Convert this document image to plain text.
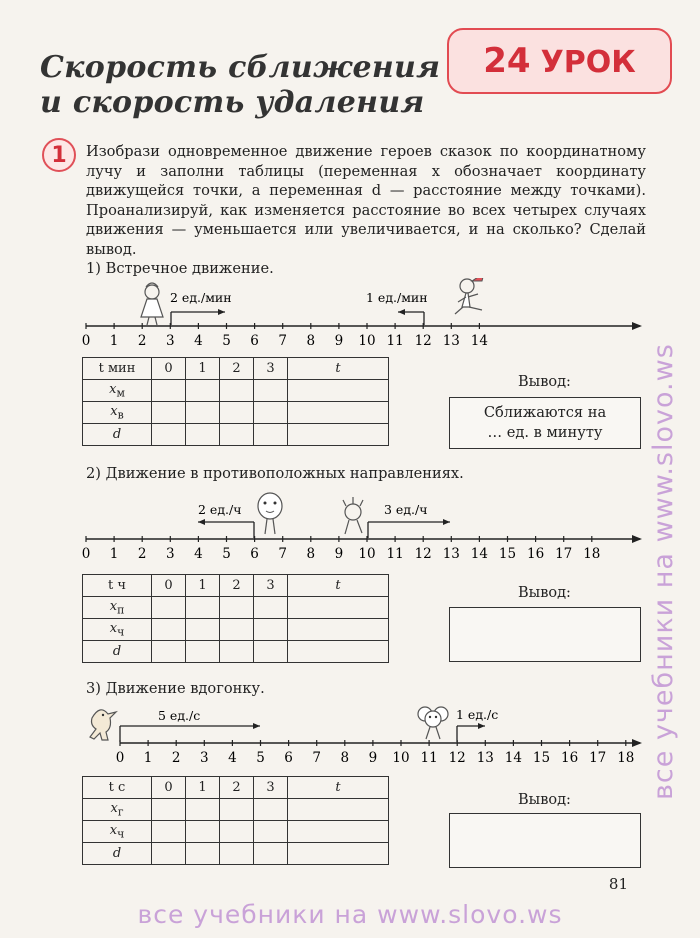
Скорость сближения
и скорость удаления
24 УРОК
1 Изобрази одновременное движение героев сказок по координатному лучу и заполни таблицы (переменная x обозначает координату движущейся точки, а переменная d — расстояние между точками). Проанализируй, как изменяется расстояние во всех четырех случаях движения — уменьшается или увеличивается, и на сколько? Сделай вывод.
1) Встречное движение.
2 ед./мин	1 ед./мин
0 1 2 3 4 5 6 7 8 9 10 11 12 13 14
t мин	0	1	2	3	t
$x_м$					
$x_в$					
d					
Вывод:
Сближаются на
… ед. в минуту
2) Движение в противоположных направлениях.
2 ед./ч	3 ед./ч
0 1 2 3 4 5 6 7 8 9 10 11 12 13 14 15 16 17 18
t ч	0	1	2	3	t
$x_п$					
$x_ч$					
d					
Вывод:
3) Движение вдогонку.
5 ед./с	1 ед./с
0 1 2 3 4 5 6 7 8 9 10 11 12 13 14 15 16 17 18
t с	0	1	2	3	t
$x_г$					
$x_ч$					
d					
Вывод:
81
все учебники на www.slovo.ws
все учебники на www.slovo.ws
